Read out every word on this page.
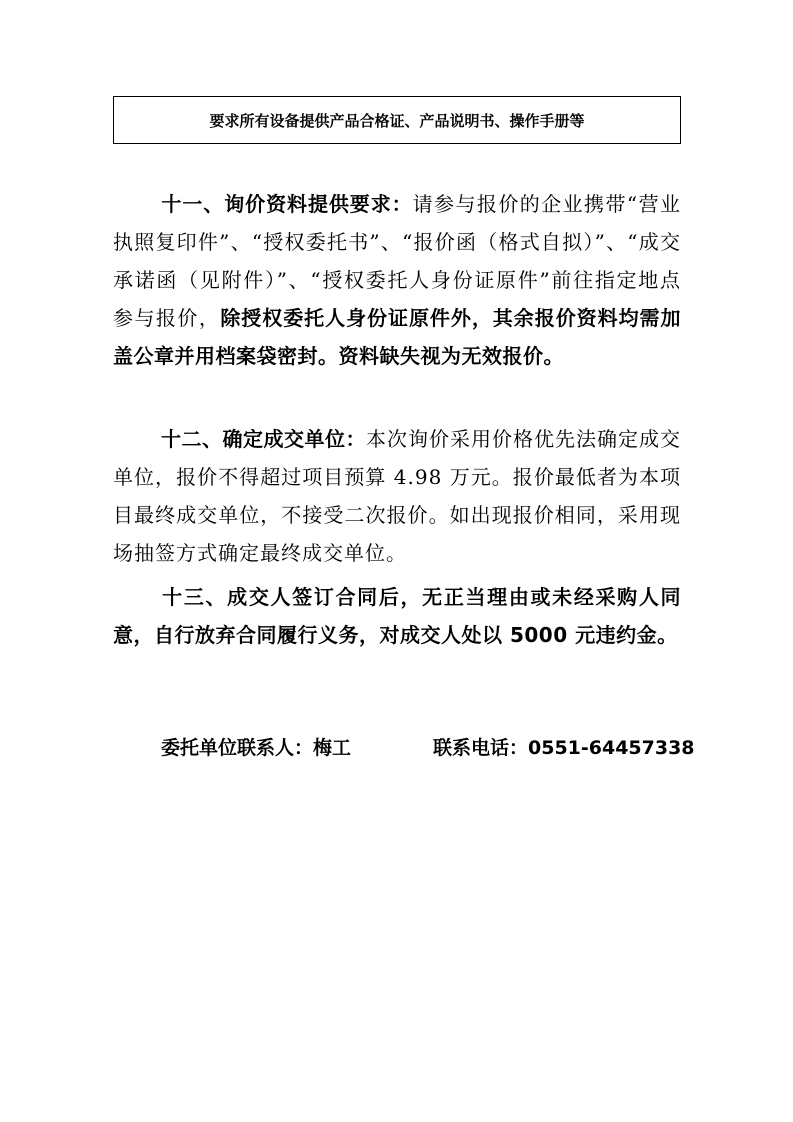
要求所有设备提供产品合格证、产品说明书、操作手册等
十一、询价资料提供要求：请参与报价的企业携带“营业执照复印件”、“授权委托书”、“报价函（格式自拟）”、“成交承诺函（见附件）”、“授权委托人身份证原件”前往指定地点参与报价，除授权委托人身份证原件外，其余报价资料均需加盖公章并用档案袋密封。资料缺失视为无效报价。
十二、确定成交单位：本次询价采用价格优先法确定成交单位，报价不得超过项目预算 4.98 万元。报价最低者为本项目最终成交单位，不接受二次报价。如出现报价相同，采用现场抽签方式确定最终成交单位。
十三、成交人签订合同后，无正当理由或未经采购人同意，自行放弃合同履行义务，对成交人处以 5000 元违约金。
委托单位联系人：梅工	联系电话：0551-64457338
